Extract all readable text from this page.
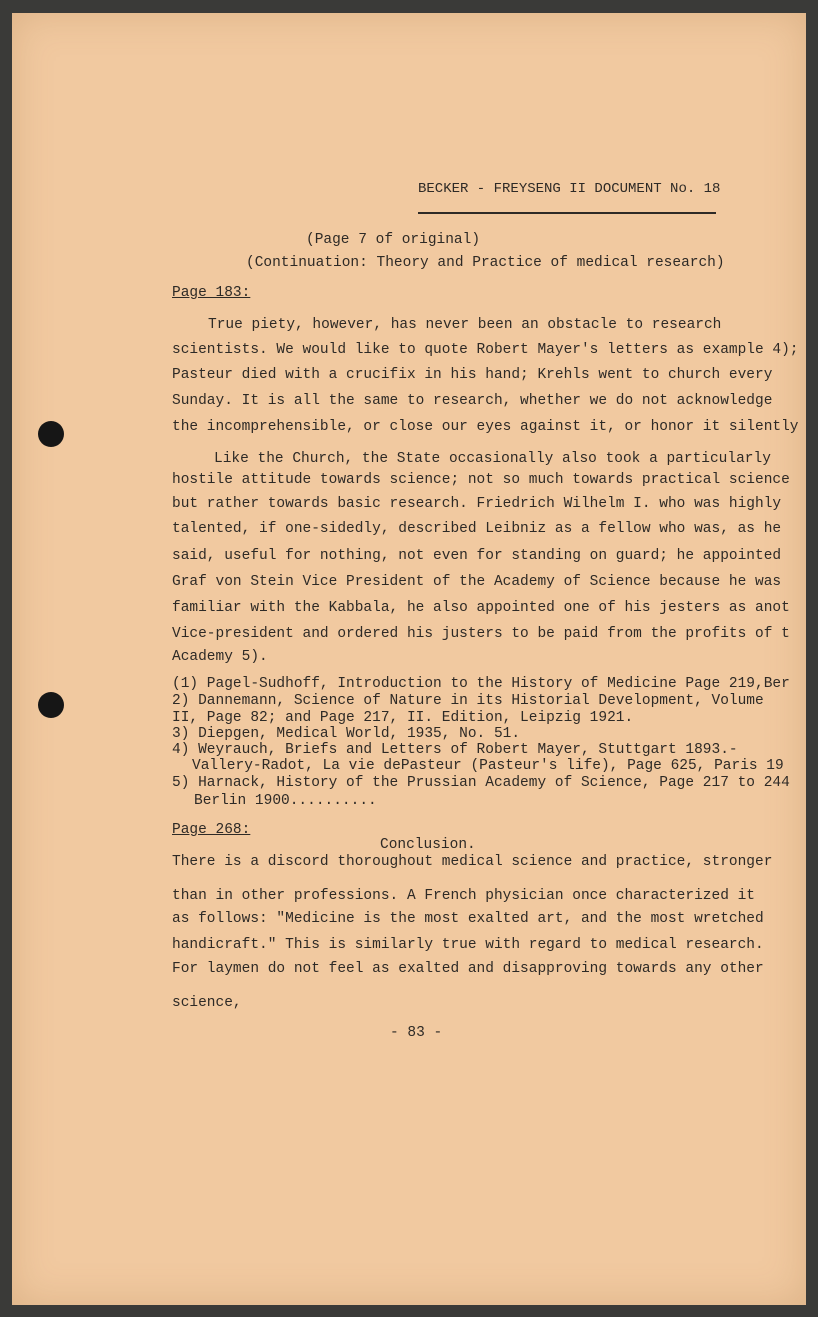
BECKER - FREYSENG II DOCUMENT No. 18

(Page 7 of original)

(Continuation: Theory and Practice of medical research)

Page 183:

True piety, however, has never been an obstacle to research

scientists. We would like to quote Robert Mayer's letters as example 4);

Pasteur died with a crucifix in his hand; Krehls went to church every

Sunday. It is all the same to research, whether we do not acknowledge

the incomprehensible, or close our eyes against it, or honor it silently

Like the Church, the State occasionally also took a particularly

hostile attitude towards science; not so much towards practical science

but rather towards basic research. Friedrich Wilhelm I. who was highly

talented, if one-sidedly, described Leibniz as a fellow who was, as he

said, useful for nothing, not even for standing on guard; he appointed

Graf von Stein Vice President of the Academy of Science because he was

familiar with the Kabbala, he also appointed one of his jesters as anot

Vice-president and ordered his justers to be paid from the profits of t

Academy 5).

(1) Pagel-Sudhoff, Introduction to the History of Medicine Page 219,Ber

2) Dannemann, Science of Nature in its Historial Development, Volume

II, Page 82; and Page 217, II. Edition, Leipzig 1921.

3) Diepgen, Medical World, 1935, No. 51.

4) Weyrauch, Briefs and Letters of Robert Mayer, Stuttgart 1893.-

Vallery-Radot, La vie dePasteur (Pasteur's life), Page 625, Paris 19

5) Harnack, History of the Prussian Academy of Science, Page 217 to 244

Berlin 1900..........

Page 268:

Conclusion.

There is a discord thoroughout medical science and practice, stronger

than in other professions. A French physician once characterized it

as follows: "Medicine is the most exalted art, and the most wretched

handicraft." This is similarly true with regard to medical research.

For laymen do not feel as exalted and disapproving towards any other

science,

- 83 -
